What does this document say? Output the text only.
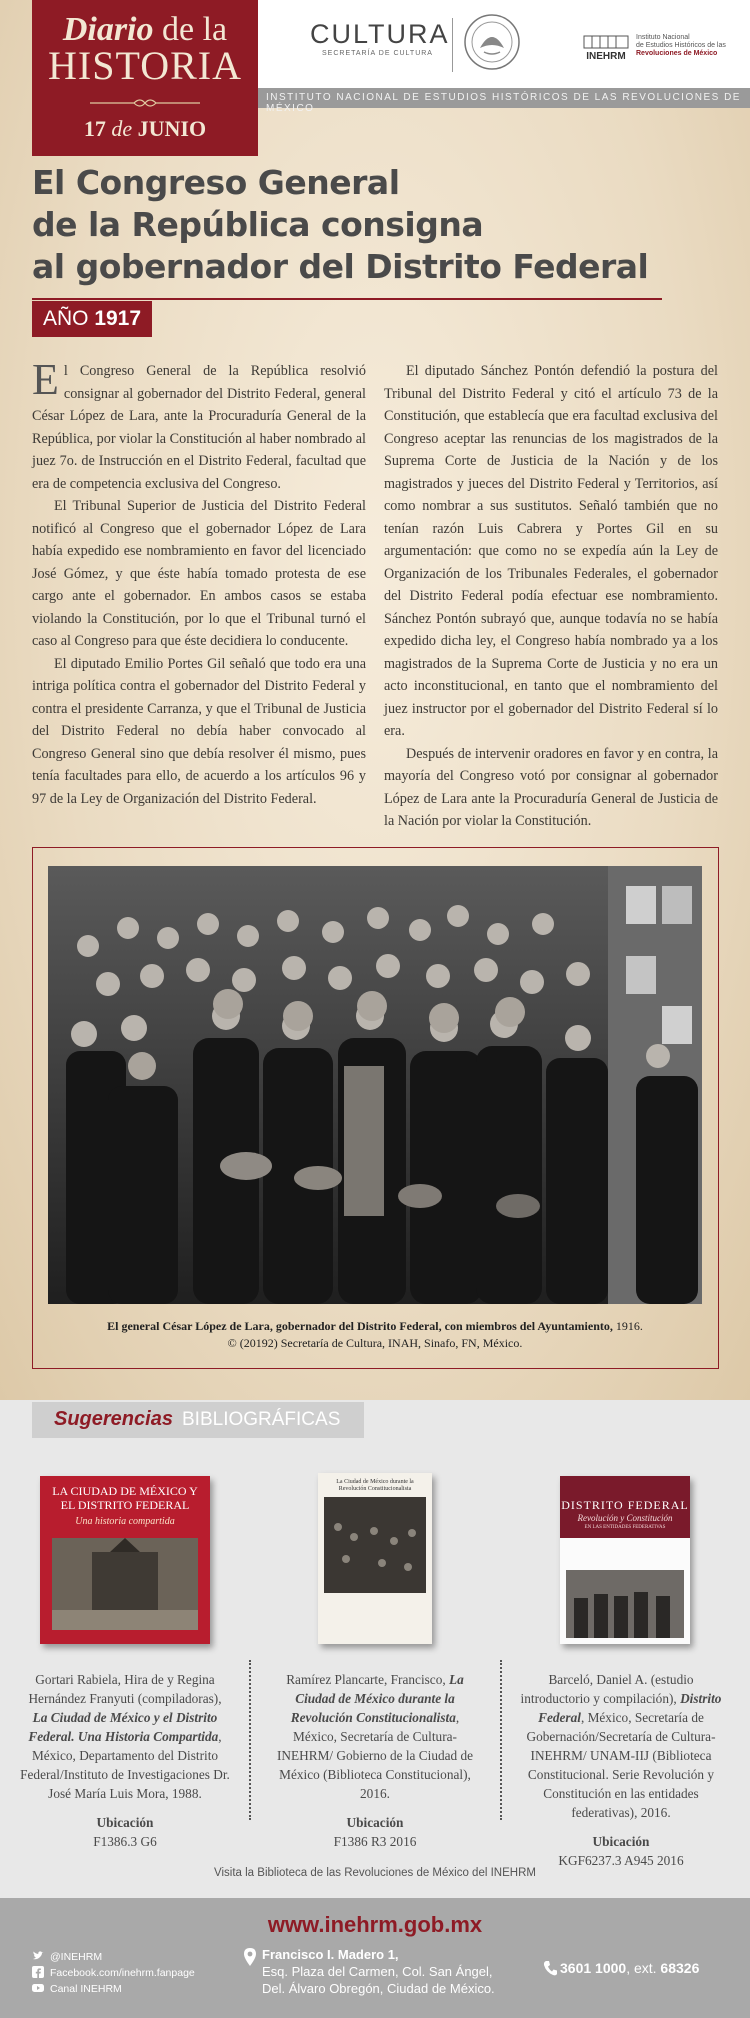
Diario de la
HISTORIA
17 de JUNIO
CULTURA
SECRETARÍA DE CULTURA	INEHRM
Instituto Nacional
de Estudios Históricos de las
Revoluciones de México
INSTITUTO NACIONAL DE ESTUDIOS HISTÓRICOS DE LAS REVOLUCIONES DE MÉXICO
El Congreso General
de la República consigna
al gobernador del Distrito Federal
AÑO 1917

El Congreso General de la República resolvió consignar al gobernador del Distrito Federal, general César López de Lara, ante la Procuraduría General de la República, por violar la Constitución al haber nombrado al juez 7o. de Instrucción en el Distrito Federal, facultad que era de competencia exclusiva del Congreso.

El Tribunal Superior de Justicia del Distrito Federal notificó al Congreso que el gobernador López de Lara había expedido ese nombramiento en favor del licenciado José Gómez, y que éste había tomado protesta de ese cargo ante el gobernador. En ambos casos se estaba violando la Constitución, por lo que el Tribunal turnó el caso al Congreso para que éste decidiera lo conducente.

El diputado Emilio Portes Gil señaló que todo era una intriga política contra el gobernador del Distrito Federal y contra el presidente Carranza, y que el Tribunal de Justicia del Distrito Federal no debía haber convocado al Congreso General sino que debía resolver él mismo, pues tenía facultades para ello, de acuerdo a los artículos 96 y 97 de la Ley de Organización del Distrito Federal.

El diputado Sánchez Pontón defendió la postura del Tribunal del Distrito Federal y citó el artículo 73 de la Constitución, que establecía que era facultad exclusiva del Congreso aceptar las renuncias de los magistrados de la Suprema Corte de Justicia de la Nación y de los magistrados y jueces del Distrito Federal y Territorios, así como nombrar a sus sustitutos. Señaló también que no tenían razón Luis Cabrera y Portes Gil en su argumentación: que como no se expedía aún la Ley de Organización de los Tribunales Federales, el gobernador del Distrito Federal podía efectuar ese nombramiento. Sánchez Pontón subrayó que, aunque todavía no se había expedido dicha ley, el Congreso había nombrado ya a los magistrados de la Suprema Corte de Justicia y no era un acto inconstitucional, en tanto que el nombramiento del juez instructor por el gobernador del Distrito Federal sí lo era.

Después de intervenir oradores en favor y en contra, la mayoría del Congreso votó por consignar al gobernador López de Lara ante la Procuraduría General de Justicia de la Nación por violar la Constitución.

El general César López de Lara, gobernador del Distrito Federal, con miembros del Ayuntamiento, 1916.
© (20192) Secretaría de Cultura, INAH, Sinafo, FN, México.
Sugerencias BIBLIOGRÁFICAS
LA CIUDAD DE MÉXICO Y EL DISTRITO FEDERAL
Una historia compartida
La Ciudad de México durante la Revolución Constitucionalista
DISTRITO FEDERAL
Revolución y Constitución
EN LAS ENTIDADES FEDERATIVAS
Gortari Rabiela, Hira de y Regina Hernández Franyuti (compiladoras), La Ciudad de México y el Distrito Federal. Una Historia Compartida, México, Departamento del Distrito Federal/Instituto de Investigaciones Dr. José María Luis Mora, 1988.
Ubicación
F1386.3 G6
Ramírez Plancarte, Francisco, La Ciudad de México durante la Revolución Constitucionalista, México, Secretaría de Cultura-INEHRM/ Gobierno de la Ciudad de México (Biblioteca Constitucional), 2016.
Ubicación
F1386 R3 2016
Barceló, Daniel A. (estudio introductorio y compilación), Distrito Federal, México, Secretaría de Gobernación/Secretaría de Cultura-INEHRM/ UNAM-IIJ (Biblioteca Constitucional. Serie Revolución y Constitución en las entidades federativas), 2016.
Ubicación
KGF6237.3 A945 2016
Visita la Biblioteca de las Revoluciones de México del INEHRM
www.inehrm.gob.mx
@INEHRM
Facebook.com/inehrm.fanpage
Canal INEHRM
Francisco I. Madero 1,
Esq. Plaza del Carmen, Col. San Ángel,
Del. Álvaro Obregón, Ciudad de México.
3601 1000, ext. 68326
